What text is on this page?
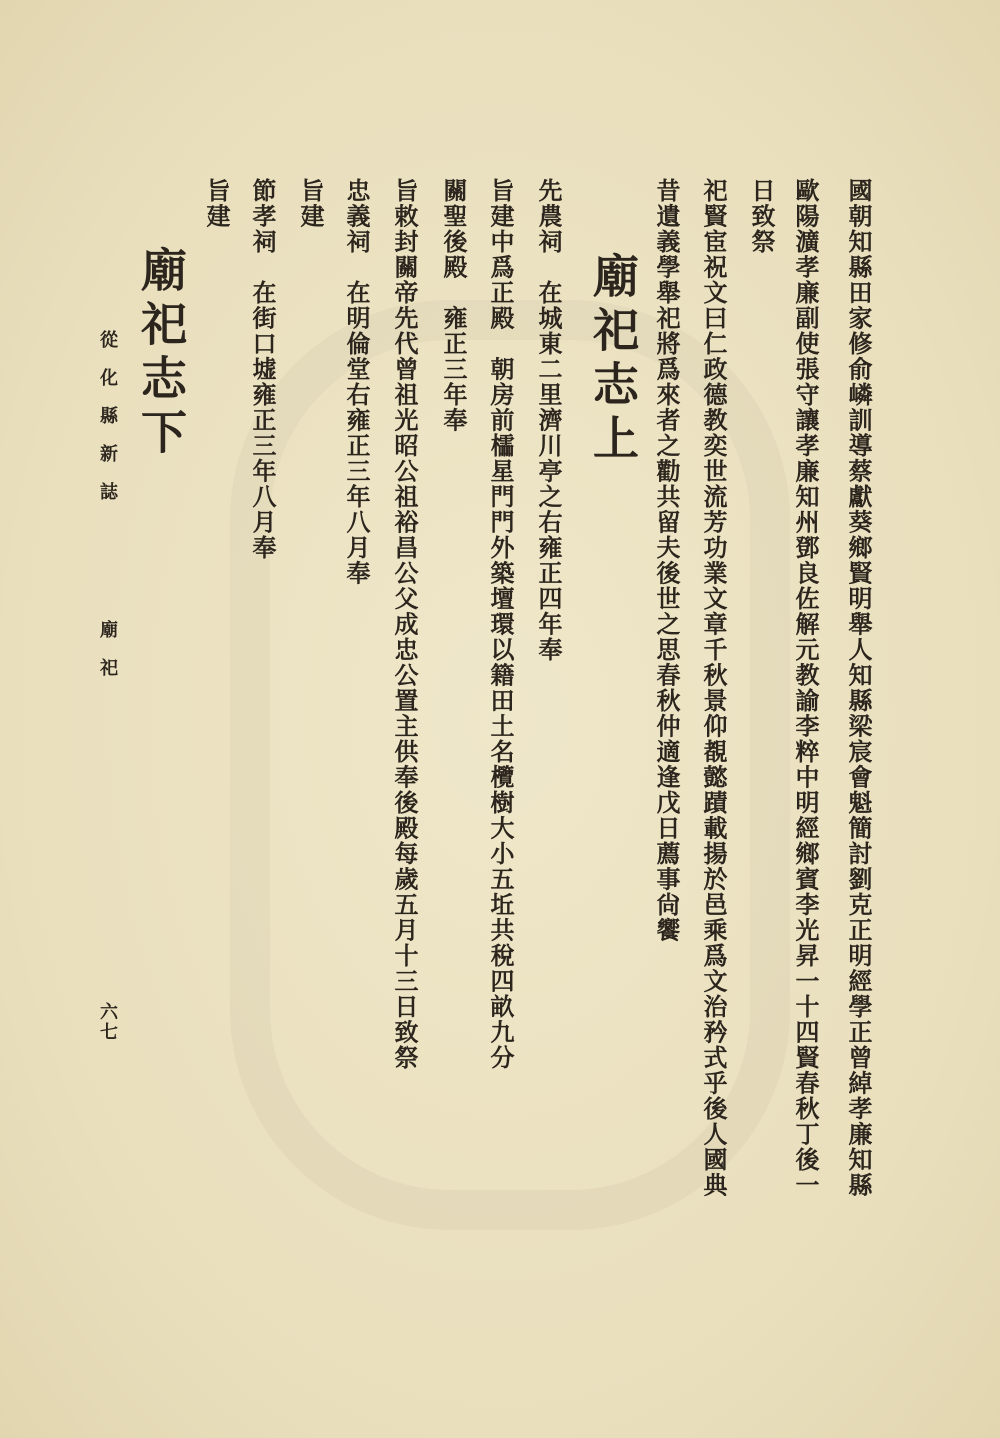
國朝知縣田家修俞嶙訓導蔡獻葵鄉賢明舉人知縣梁宸會魁簡討劉克正明經學正曾綽孝廉知縣
歐陽瀇孝廉副使張守讓孝廉知州鄧良佐解元教諭李粹中明經鄉賓李光昇一十四賢春秋丁後一
日致祭
祀賢宦祝文曰仁政德教奕世流芳功業文章千秋景仰覩懿蹟載揚於邑乘爲文治矜式乎後人國典
昔遺義學舉祀將爲來者之勸共留夫後世之思春秋仲適逢戊日薦事尙饗
廟祀志上
先農祠　在城東二里濟川亭之右雍正四年奉
旨建中爲正殿　朝房前櫺星門門外築壇環以籍田土名欖樹大小五坵共稅四畝九分
關聖後殿　雍正三年奉
旨敕封關帝先代曾祖光昭公祖裕昌公父成忠公置主供奉後殿每歲五月十三日致祭
忠義祠　在明倫堂右雍正三年八月奉
旨建
節孝祠　在街口墟雍正三年八月奉
旨建
廟祀志下
從化縣新誌
廟祀
六七
